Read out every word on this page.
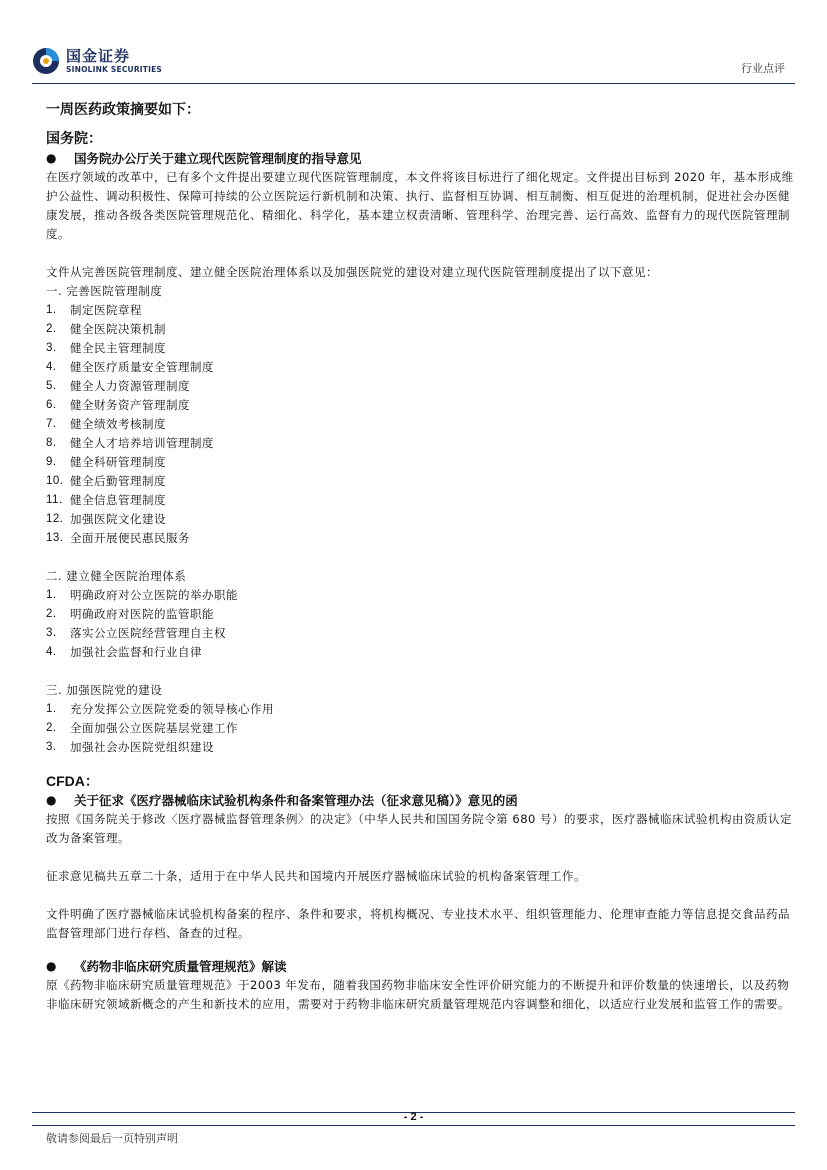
国金证券
SINOLINK SECURITIES	行业点评
一周医药政策摘要如下：
国务院：
●	国务院办公厅关于建立现代医院管理制度的指导意见

在医疗领域的改革中，已有多个文件提出要建立现代医院管理制度，本文件将该目标进行了细化规定。文件提出目标到 2020 年，基本形成维护公益性、调动积极性、保障可持续的公立医院运行新机制和决策、执行、监督相互协调、相互制衡、相互促进的治理机制，促进社会办医健康发展，推动各级各类医院管理规范化、精细化、科学化，基本建立权责清晰、管理科学、治理完善、运行高效、监督有力的现代医院管理制度。

文件从完善医院管理制度、建立健全医院治理体系以及加强医院党的建设对建立现代医院管理制度提出了以下意见：

一. 完善医院管理制度
1.	制定医院章程
2.	健全医院决策机制
3.	健全民主管理制度
4.	健全医疗质量安全管理制度
5.	健全人力资源管理制度
6.	健全财务资产管理制度
7.	健全绩效考核制度
8.	健全人才培养培训管理制度
9.	健全科研管理制度
10. 健全后勤管理制度
11. 健全信息管理制度
12. 加强医院文化建设
13. 全面开展便民惠民服务
二. 建立健全医院治理体系
1.	明确政府对公立医院的举办职能
2.	明确政府对医院的监管职能
3.	落实公立医院经营管理自主权
4.	加强社会监督和行业自律
三. 加强医院党的建设
1.	充分发挥公立医院党委的领导核心作用
2.	全面加强公立医院基层党建工作
3.	加强社会办医院党组织建设
CFDA：
●	关于征求《医疗器械临床试验机构条件和备案管理办法（征求意见稿）》意见的函

按照《国务院关于修改〈医疗器械监督管理条例〉的决定》（中华人民共和国国务院令第 680 号）的要求，医疗器械临床试验机构由资质认定改为备案管理。

征求意见稿共五章二十条，适用于在中华人民共和国境内开展医疗器械临床试验的机构备案管理工作。

文件明确了医疗器械临床试验机构备案的程序、条件和要求，将机构概况、专业技术水平、组织管理能力、伦理审查能力等信息提交食品药品监督管理部门进行存档、备查的过程。

●	《药物非临床研究质量管理规范》解读

原《药物非临床研究质量管理规范》于2003 年发布，随着我国药物非临床安全性评价研究能力的不断提升和评价数量的快速增长，以及药物非临床研究领域新概念的产生和新技术的应用，需要对于药物非临床研究质量管理规范内容调整和细化，以适应行业发展和监管工作的需要。

- 2 -
敬请参阅最后一页特别声明
